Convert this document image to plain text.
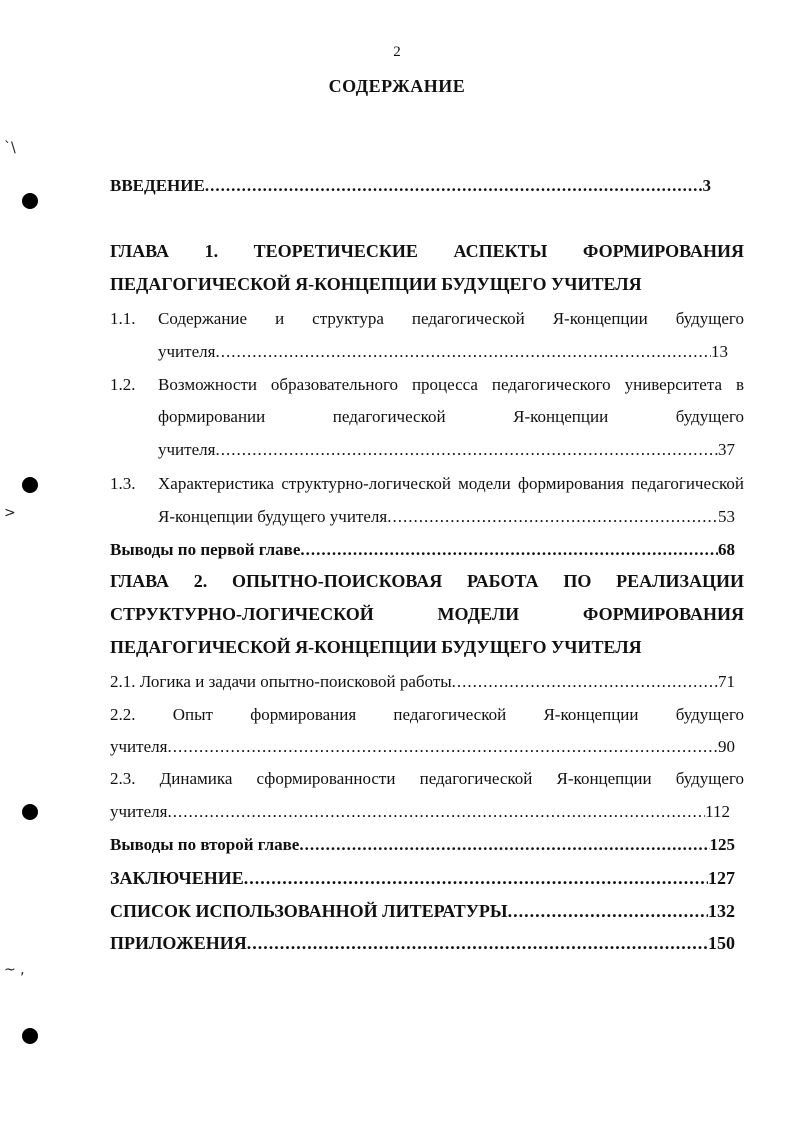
`\
>
~ ,
2
СОДЕРЖАНИЕ
ВВЕДЕНИЕ .....	3
ГЛАВА 1. ТЕОРЕТИЧЕСКИЕ АСПЕКТЫ ФОРМИРОВАНИЯ
ПЕДАГОГИЧЕСКОЙ Я-КОНЦЕПЦИИ БУДУЩЕГО УЧИТЕЛЯ
1.1. Содержание и структура педагогической Я-концепции будущего
учителя .....	13
1.2. Возможности образовательного процесса педагогического университета в
формировании педагогической Я-концепции будущего
учителя .....	37
1.3. Характеристика структурно-логической модели формирования педагогической
Я-концепции будущего учителя .....	53
Выводы по первой главе .....	68
ГЛАВА 2. ОПЫТНО-ПОИСКОВАЯ РАБОТА ПО РЕАЛИЗАЦИИ
СТРУКТУРНО-ЛОГИЧЕСКОЙ МОДЕЛИ ФОРМИРОВАНИЯ
ПЕДАГОГИЧЕСКОЙ Я-КОНЦЕПЦИИ БУДУЩЕГО УЧИТЕЛЯ
2.1. Логика и задачи опытно-поисковой работы .....	71
2.2. Опыт формирования педагогической Я-концепции будущего
учителя .....	90
2.3. Динамика сформированности педагогической Я-концепции будущего
учителя .....	112
Выводы по второй главе .....	125
ЗАКЛЮЧЕНИЕ .....	127
СПИСОК ИСПОЛЬЗОВАННОЙ ЛИТЕРАТУРЫ .....	132
ПРИЛОЖЕНИЯ .....	150
